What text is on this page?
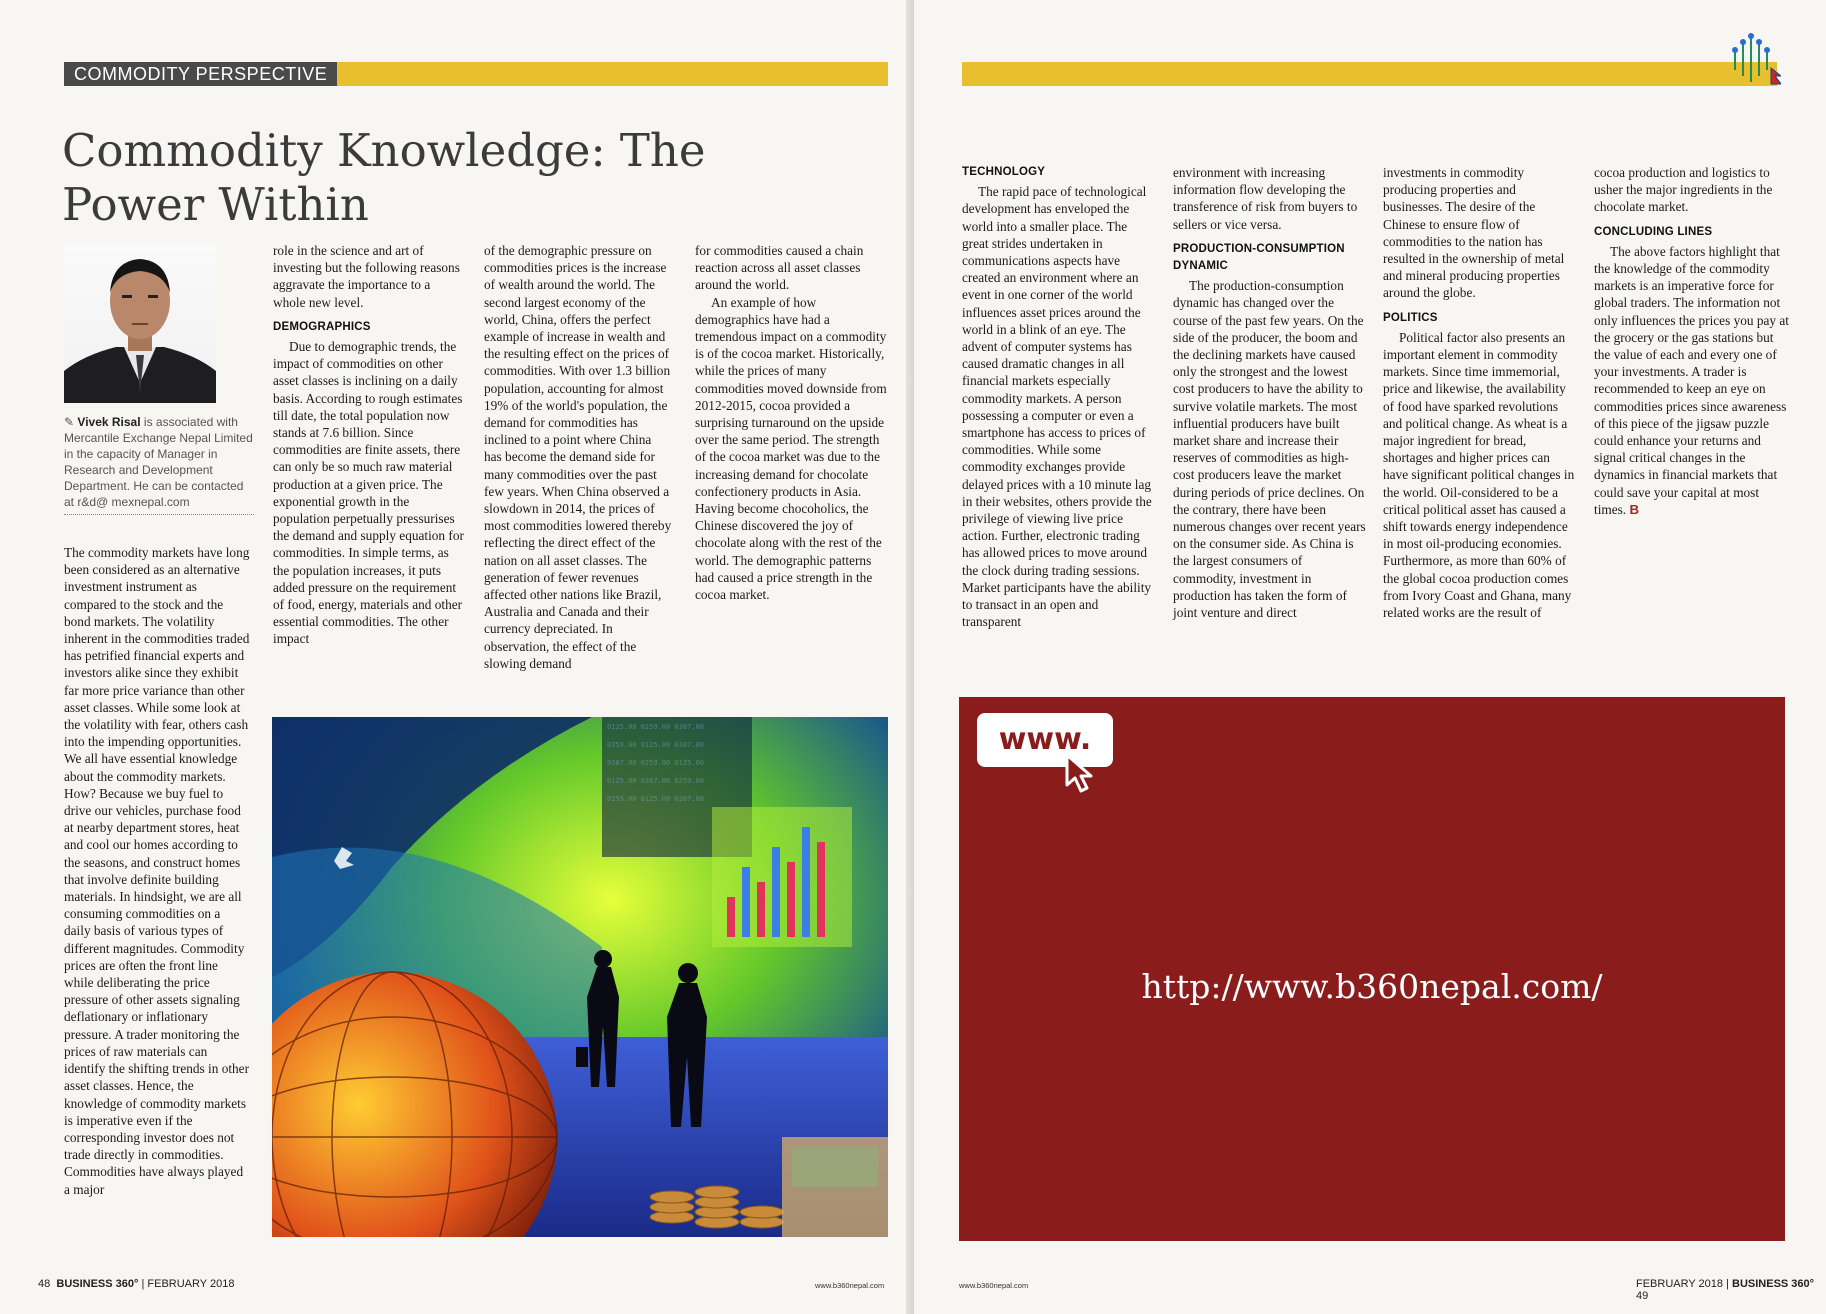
COMMODITY PERSPECTIVE
Commodity Knowledge: The Power Within
✎ Vivek Risal is associated with Mercantile Exchange Nepal Limited in the capacity of Manager in Research and Development Department. He can be contacted at r&d@ mexnepal.com

The commodity markets have long been considered as an alternative investment instrument as compared to the stock and the bond markets. The volatility inherent in the commodities traded has petrified financial experts and investors alike since they exhibit far more price variance than other asset classes. While some look at the volatility with fear, others cash into the impending opportunities. We all have essential knowledge about the commodity markets. How? Because we buy fuel to drive our vehicles, purchase food at nearby department stores, heat and cool our homes according to the seasons, and construct homes that involve definite building materials. In hindsight, we are all consuming commodities on a daily basis of various types of different magnitudes. Commodity prices are often the front line while deliberating the price pressure of other assets signaling deflationary or inflationary pressure. A trader monitoring the prices of raw materials can identify the shifting trends in other asset classes. Hence, the knowledge of commodity markets is imperative even if the corresponding investor does not trade directly in commodities. Commodities have always played a major

role in the science and art of investing but the following reasons aggravate the importance to a whole new level.

DEMOGRAPHICS

Due to demographic trends, the impact of commodities on other asset classes is inclining on a daily basis. According to rough estimates till date, the total population now stands at 7.6 billion. Since commodities are finite assets, there can only be so much raw material production at a given price. The exponential growth in the population perpetually pressurises the demand and supply equation for commodities. In simple terms, as the population increases, it puts added pressure on the requirement of food, energy, materials and other essential commodities. The other impact

of the demographic pressure on commodities prices is the increase of wealth around the world. The second largest economy of the world, China, offers the perfect example of increase in wealth and the resulting effect on the prices of commodities. With over 1.3 billion population, accounting for almost 19% of the world's population, the demand for commodities has inclined to a point where China has become the demand side for many commodities over the past few years. When China observed a slowdown in 2014, the prices of most commodities lowered thereby reflecting the direct effect of the nation on all asset classes. The generation of fewer revenues affected other nations like Brazil, Australia and Canada and their currency depreciated. In observation, the effect of the slowing demand

for commodities caused a chain reaction across all asset classes around the world.

An example of how demographics have had a tremendous impact on a commodity is of the cocoa market. Historically, while the prices of many commodities moved downside from 2012-2015, cocoa provided a surprising turnaround on the upside over the same period. The strength of the cocoa market was due to the increasing demand for chocolate confectionery products in Asia. Having become chocoholics, the Chinese discovered the joy of chocolate along with the rest of the world. The demographic patterns had caused a price strength in the cocoa market.

0125.00 0259.00 0387.00
0259.00 0125.00 0387.00
0387.00 0259.00 0125.00
0125.00 0387.00 0259.00
0259.00 0125.00 0387.00
48 BUSINESS 360° | FEBRUARY 2018	www.b360nepal.com
TECHNOLOGY

The rapid pace of technological development has enveloped the world into a smaller place. The great strides undertaken in communications aspects have created an environment where an event in one corner of the world influences asset prices around the world in a blink of an eye. The advent of computer systems has caused dramatic changes in all financial markets especially commodity markets. A person possessing a computer or even a smartphone has access to prices of commodities. While some commodity exchanges provide delayed prices with a 10 minute lag in their websites, others provide the privilege of viewing live price action. Further, electronic trading has allowed prices to move around the clock during trading sessions. Market participants have the ability to transact in an open and transparent

environment with increasing information flow developing the transference of risk from buyers to sellers or vice versa.

PRODUCTION-CONSUMPTION DYNAMIC

The production-consumption dynamic has changed over the course of the past few years. On the side of the producer, the boom and the declining markets have caused only the strongest and the lowest cost producers to have the ability to survive volatile markets. The most influential producers have built market share and increase their reserves of commodities as high-cost producers leave the market during periods of price declines. On the contrary, there have been numerous changes over recent years on the consumer side. As China is the largest consumers of commodity, investment in production has taken the form of joint venture and direct

investments in commodity producing properties and businesses. The desire of the Chinese to ensure flow of commodities to the nation has resulted in the ownership of metal and mineral producing properties around the globe.

POLITICS

Political factor also presents an important element in commodity markets. Since time immemorial, price and likewise, the availability of food have sparked revolutions and political change. As wheat is a major ingredient for bread, shortages and higher prices can have significant political changes in the world. Oil-considered to be a critical political asset has caused a shift towards energy independence in most oil-producing economies. Furthermore, as more than 60% of the global cocoa production comes from Ivory Coast and Ghana, many related works are the result of

cocoa production and logistics to usher the major ingredients in the chocolate market.

CONCLUDING LINES

The above factors highlight that the knowledge of the commodity markets is an imperative force for global traders. The information not only influences the prices you pay at the grocery or the gas stations but the value of each and every one of your investments. A trader is recommended to keep an eye on commodities prices since awareness of this piece of the jigsaw puzzle could enhance your returns and signal critical changes in the dynamics in financial markets that could save your capital at most times. B

FEBRUARY 2018 | BUSINESS 360°  49
www.b360nepal.com
www.
http://www.b360nepal.com/
